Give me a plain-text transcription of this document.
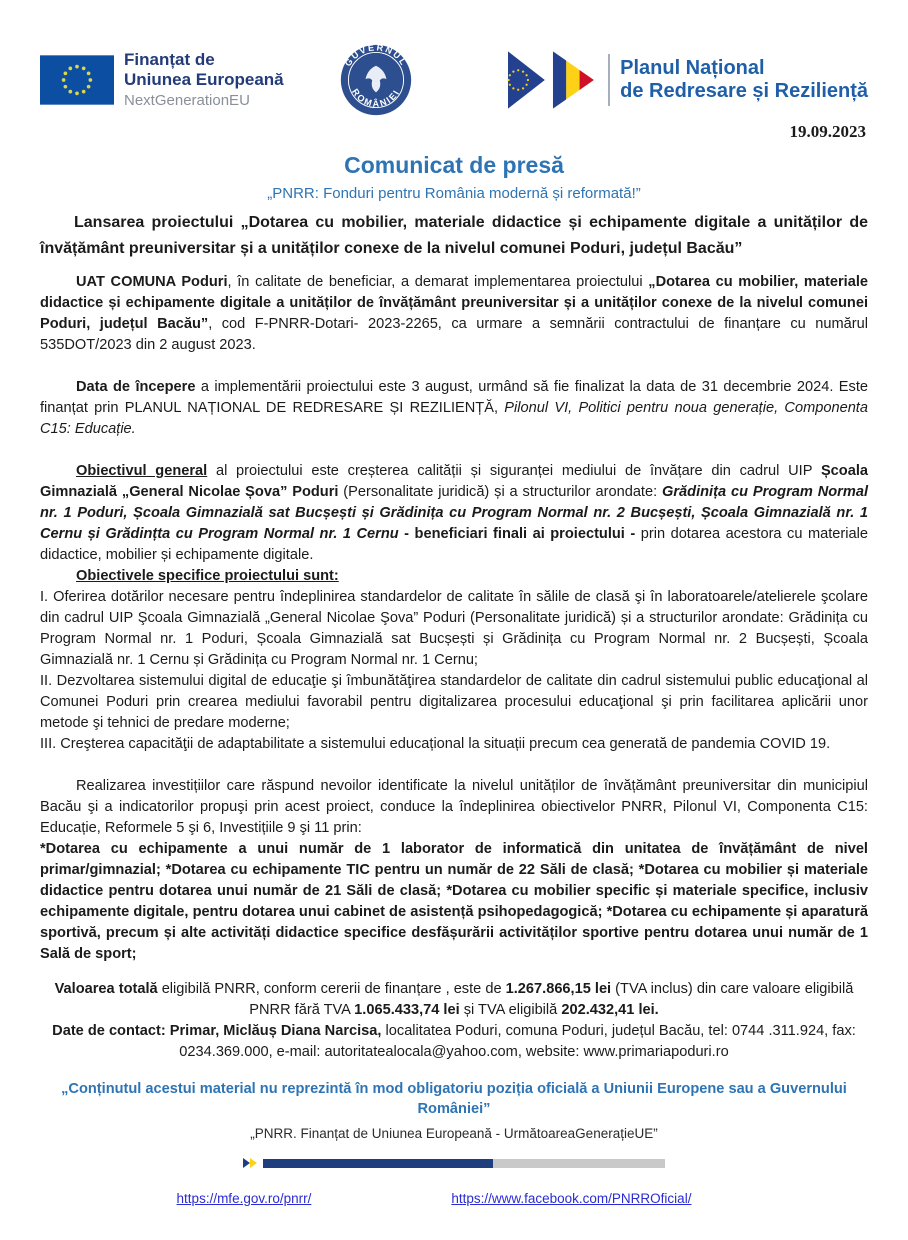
Finanțat de
Uniunea Europeană
NextGenerationEU
GUVERNUL
ROMÂNIEI
Planul Național
de Redresare și Reziliență
19.09.2023
Comunicat de presă
„PNRR: Fonduri pentru România modernă și reformată!”
Lansarea proiectului „Dotarea cu mobilier, materiale didactice și echipamente digitale a unităților de învățământ preuniversitar și a unităților conexe de la nivelul comunei Poduri, județul Bacău”

UAT COMUNA Poduri, în calitate de beneficiar, a demarat implementarea proiectului „Dotarea cu mobilier, materiale didactice și echipamente digitale a unităților de învățământ preuniversitar și a unităților conexe de la nivelul comunei Poduri, județul Bacău”, cod F-PNRR-Dotari- 2023-2265, ca urmare a semnării contractului de finanțare cu numărul 535DOT/2023 din 2 august 2023.

Data de începere a implementării proiectului este 3 august, urmând să fie finalizat la data de 31 decembrie 2024. Este finanțat prin PLANUL NAȚIONAL DE REDRESARE ȘI REZILIENȚĂ, Pilonul VI, Politici pentru noua generație, Componenta C15: Educație.

Obiectivul general al proiectului este creșterea calității și siguranței mediului de învățare din cadrul UIP Școala Gimnazială „General Nicolae Șova” Poduri (Personalitate juridică) și a structurilor arondate: Grădinița cu Program Normal nr. 1 Poduri, Școala Gimnazială sat Bucșești și Grădinița cu Program Normal nr. 2 Bucșești, Școala Gimnazială nr. 1 Cernu și Grădințta cu Program Normal nr. 1 Cernu - beneficiari finali ai proiectului - prin dotarea acestora cu materiale didactice, mobilier și echipamente digitale.

Obiectivele specifice proiectului sunt:

I. Oferirea dotărilor necesare pentru îndeplinirea standardelor de calitate în sălile de clasă şi în laboratoarele/atelierele şcolare din cadrul UIP Şcoala Gimnazială „General Nicolae Şova” Poduri (Personalitate juridică) și a structurilor arondate: Grădinița cu Program Normal nr. 1 Poduri, Școala Gimnazială sat Bucșești și Grădinița cu Program Normal nr. 2 Bucșești, Școala Gimnazială nr. 1 Cernu și Grădinița cu Program Normal nr. 1 Cernu;

II. Dezvoltarea sistemului digital de educaţie şi îmbunătăţirea standardelor de calitate din cadrul sistemului public educaţional al Comunei Poduri prin crearea mediului favorabil pentru digitalizarea procesului educaţional şi prin facilitarea aplicării unor metode şi tehnici de predare moderne;

III. Creşterea capacităţii de adaptabilitate a sistemului educațional la situații precum cea generată de pandemia COVID 19.

Realizarea investițiilor care răspund nevoilor identificate la nivelul unităților de învățământ preuniversitar din municipiul Bacău şi a indicatorilor propuşi prin acest proiect, conduce la îndeplinirea obiectivelor PNRR, Pilonul VI, Componenta C15: Educație, Reformele 5 şi 6, Investițiile 9 şi 11 prin:

*Dotarea cu echipamente a unui număr de 1 laborator de informatică din unitatea de învățământ de nivel primar/gimnazial; *Dotarea cu echipamente TIC pentru un număr de 22 Săli de clasă; *Dotarea cu mobilier și materiale didactice pentru dotarea unui număr de 21 Săli de clasă; *Dotarea cu mobilier specific și materiale specifice, inclusiv echipamente digitale, pentru dotarea unui cabinet de asistență psihopedagogică; *Dotarea cu echipamente și aparatură sportivă, precum și alte activități didactice specifice desfășurării activităților sportive pentru dotarea unui număr de 1 Sală de sport;

Valoarea totală eligibilă PNRR, conform cererii de finanțare , este de 1.267.866,15 lei (TVA inclus) din care valoare eligibilă PNRR fără TVA 1.065.433,74 lei și TVA eligibilă 202.432,41 lei.

Date de contact: Primar, Miclăuș Diana Narcisa, localitatea Poduri, comuna Poduri, județul Bacău, tel: 0744 .311.924, fax: 0234.369.000, e-mail: autoritatealocala@yahoo.com, website: www.primariapoduri.ro

„Conținutul acestui material nu reprezintă în mod obligatoriu poziția oficială a Uniunii Europene sau a Guvernului României”
„PNRR. Finanțat de Uniunea Europeană - UrmătoareaGenerațieUE”
https://mfe.gov.ro/pnrr/	https://www.facebook.com/PNRROficial/
